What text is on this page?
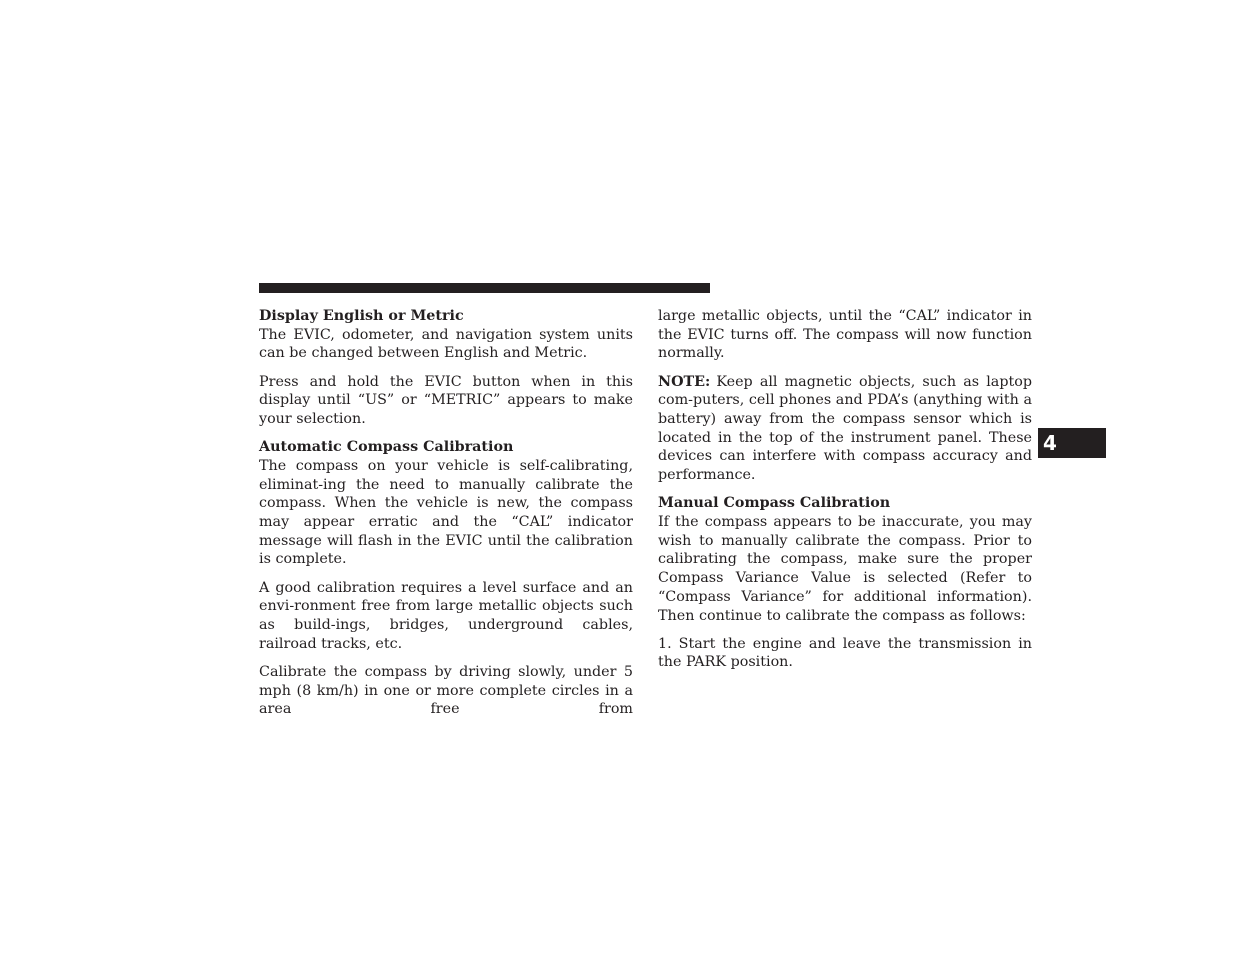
Display English or Metric

The EVIC, odometer, and navigation system units can be changed between English and Metric.

Press and hold the EVIC button when in this display until “US” or “METRIC” appears to make your selection.

Automatic Compass Calibration

The compass on your vehicle is self-calibrating, eliminat-ing the need to manually calibrate the compass. When the vehicle is new, the compass may appear erratic and the “CAL” indicator message will flash in the EVIC until the calibration is complete.

A good calibration requires a level surface and an envi-ronment free from large metallic objects such as build-ings, bridges, underground cables, railroad tracks, etc.

Calibrate the compass by driving slowly, under 5 mph (8 km/h) in one or more complete circles in a area free from

large metallic objects, until the “CAL” indicator in the EVIC turns off. The compass will now function normally.

NOTE: Keep all magnetic objects, such as laptop com-puters, cell phones and PDA’s (anything with a battery) away from the compass sensor which is located in the top of the instrument panel. These devices can interfere with compass accuracy and performance.

Manual Compass Calibration

If the compass appears to be inaccurate, you may wish to manually calibrate the compass. Prior to calibrating the compass, make sure the proper Compass Variance Value is selected (Refer to “Compass Variance” for additional information). Then continue to calibrate the compass as follows:

1. Start the engine and leave the transmission in the PARK position.

4
